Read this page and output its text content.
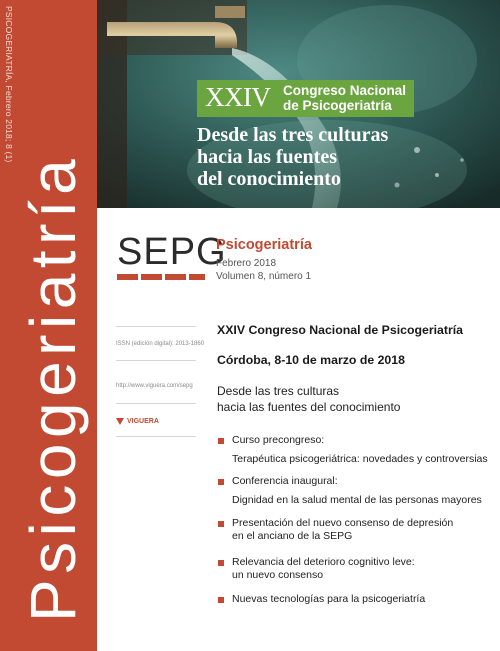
PSICOGERIATRÍA, Febrero 2018; 8 (1)
Psicogeriatría
XXIV Congreso Nacional
de Psicogeriatría
Desde las tres culturas
hacia las fuentes
del conocimiento
SEPG
Psicogeriatría
Febrero 2018
Volumen 8, número 1
ISSN (edición digital): 2013-1860
http://www.viguera.com/sepg
VIGUERA
XXIV Congreso Nacional de Psicogeriatría
Córdoba, 8-10 de marzo de 2018
Desde las tres culturas
hacia las fuentes del conocimiento
Curso precongreso:
Terapéutica psicogeriátrica: novedades y controversias
Conferencia inaugural:
Dignidad en la salud mental de las personas mayores
Presentación del nuevo consenso de depresión
en el anciano de la SEPG
Relevancia del deterioro cognitivo leve:
un nuevo consenso
Nuevas tecnologías para la psicogeriatría
